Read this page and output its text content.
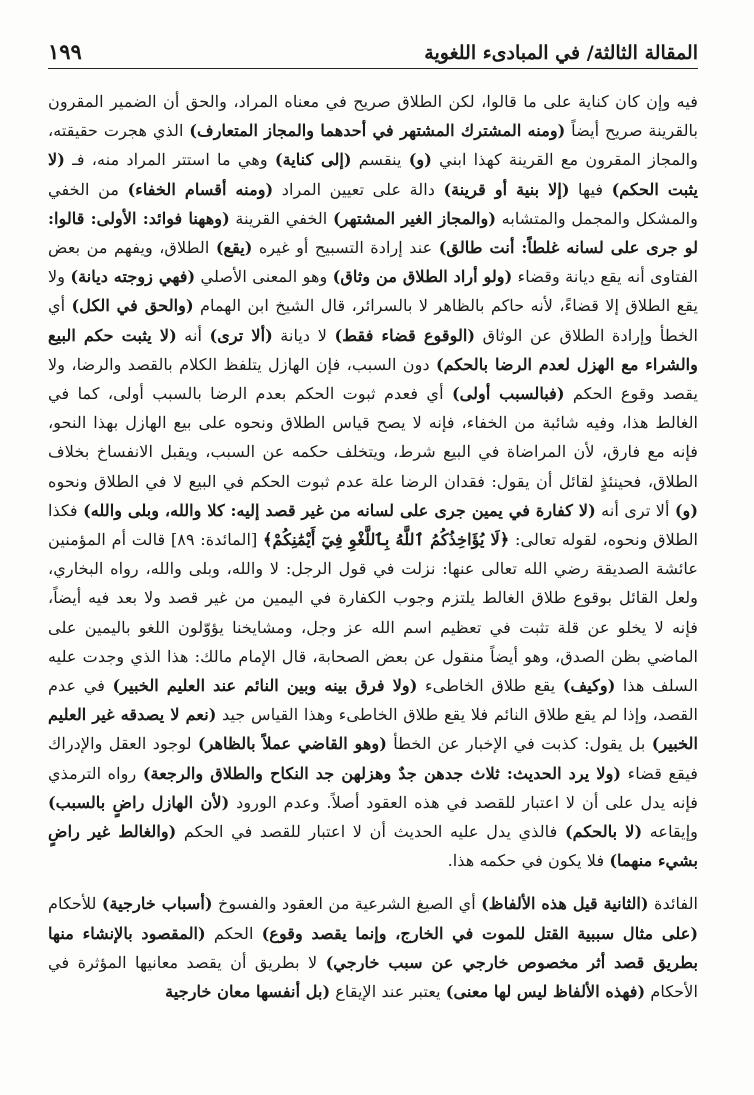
المقالة الثالثة/ في المبادىء اللغوية
١٩٩

فيه وإن كان كناية على ما قالوا، لكن الطلاق صريح في معناه المراد، والحق أن الضمير المقرون بالقرينة صريح أيضاً (ومنه المشترك المشتهر في أحدهما والمجاز المتعارف) الذي هجرت حقيقته، والمجاز المقرون مع القرينة كهذا ابني (و) ينقسم (إلى كناية) وهي ما استتر المراد منه، فـ (لا يثبت الحكم) فيها (إلا بنية أو قرينة) دالة على تعيين المراد (ومنه أقسام الخفاء) من الخفي والمشكل والمجمل والمتشابه (والمجاز الغير المشتهر) الخفي القرينة (وههنا فوائد: الأولى: قالوا: لو جرى على لسانه غلطاً: أنت طالق) عند إرادة التسبيح أو غيره (يقع) الطلاق، ويفهم من بعض الفتاوى أنه يقع ديانة وقضاء (ولو أراد الطلاق من وثاق) وهو المعنى الأصلي (فهي زوجته ديانة) ولا يقع الطلاق إلا قضاءً، لأنه حاكم بالظاهر لا بالسرائر، قال الشيخ ابن الهمام (والحق في الكل) أي الخطأ وإرادة الطلاق عن الوثاق (الوقوع قضاء فقط) لا ديانة (ألا ترى) أنه (لا يثبت حكم البيع والشراء مع الهزل لعدم الرضا بالحكم) دون السبب، فإن الهازل يتلفظ الكلام بالقصد والرضا، ولا يقصد وقوع الحكم (فبالسبب أولى) أي فعدم ثبوت الحكم بعدم الرضا بالسبب أولى، كما في الغالط هذا، وفيه شائبة من الخفاء، فإنه لا يصح قياس الطلاق ونحوه على بيع الهازل بهذا النحو، فإنه مع فارق، لأن المراضاة في البيع شرط، ويتخلف حكمه عن السبب، ويقبل الانفساخ بخلاف الطلاق، فحينئذٍ لقائل أن يقول: فقدان الرضا علة عدم ثبوت الحكم في البيع لا في الطلاق ونحوه (و) ألا ترى أنه (لا كفارة في يمين جرى على لسانه من غير قصد إليه: كلا والله، وبلى والله) فكذا الطلاق ونحوه، لقوله تعالى: ﴿لَا يُؤَاخِذُكُمُ ٱللَّهُ بِٱللَّغْوِ فِيٓ أَيْمَٰنِكُمْ﴾ [المائدة: ٨٩] قالت أم المؤمنين عائشة الصديقة رضي الله تعالى عنها: نزلت في قول الرجل: لا والله، وبلى والله، رواه البخاري، ولعل القائل بوقوع طلاق الغالط يلتزم وجوب الكفارة في اليمين من غير قصد ولا بعد فيه أيضاً، فإنه لا يخلو عن قلة تثبت في تعظيم اسم الله عز وجل، ومشايخنا يؤوّلون اللغو باليمين على الماضي بظن الصدق، وهو أيضاً منقول عن بعض الصحابة، قال الإمام مالك: هذا الذي وجدت عليه السلف هذا (وكيف) يقع طلاق الخاطىء (ولا فرق بينه وبين النائم عند العليم الخبير) في عدم القصد، وإذا لم يقع طلاق النائم فلا يقع طلاق الخاطىء وهذا القياس جيد (نعم لا يصدقه غير العليم الخبير) بل يقول: كذبت في الإخبار عن الخطأ (وهو القاضي عملاً بالظاهر) لوجود العقل والإدراك فيقع قضاء (ولا يرد الحديث: ثلاث جدهن جدٌ وهزلهن جد النكاح والطلاق والرجعة) رواه الترمذي فإنه يدل على أن لا اعتبار للقصد في هذه العقود أصلاً. وعدم الورود (لأن الهازل راضٍ بالسبب) وإيقاعه (لا بالحكم) فالذي يدل عليه الحديث أن لا اعتبار للقصد في الحكم (والغالط غير راضٍ بشيء منهما) فلا يكون في حكمه هذا.

الفائدة (الثانية قيل هذه الألفاظ) أي الصيغ الشرعية من العقود والفسوخ (أسباب خارجية) للأحكام (على مثال سببية القتل للموت في الخارج، وإنما يقصد وقوع) الحكم (المقصود بالإنشاء منها بطريق قصد أثر مخصوص خارجي عن سبب خارجي) لا بطريق أن يقصد معانيها المؤثرة في الأحكام (فهذه الألفاظ ليس لها معنى) يعتبر عند الإيقاع (بل أنفسها معان خارجية
